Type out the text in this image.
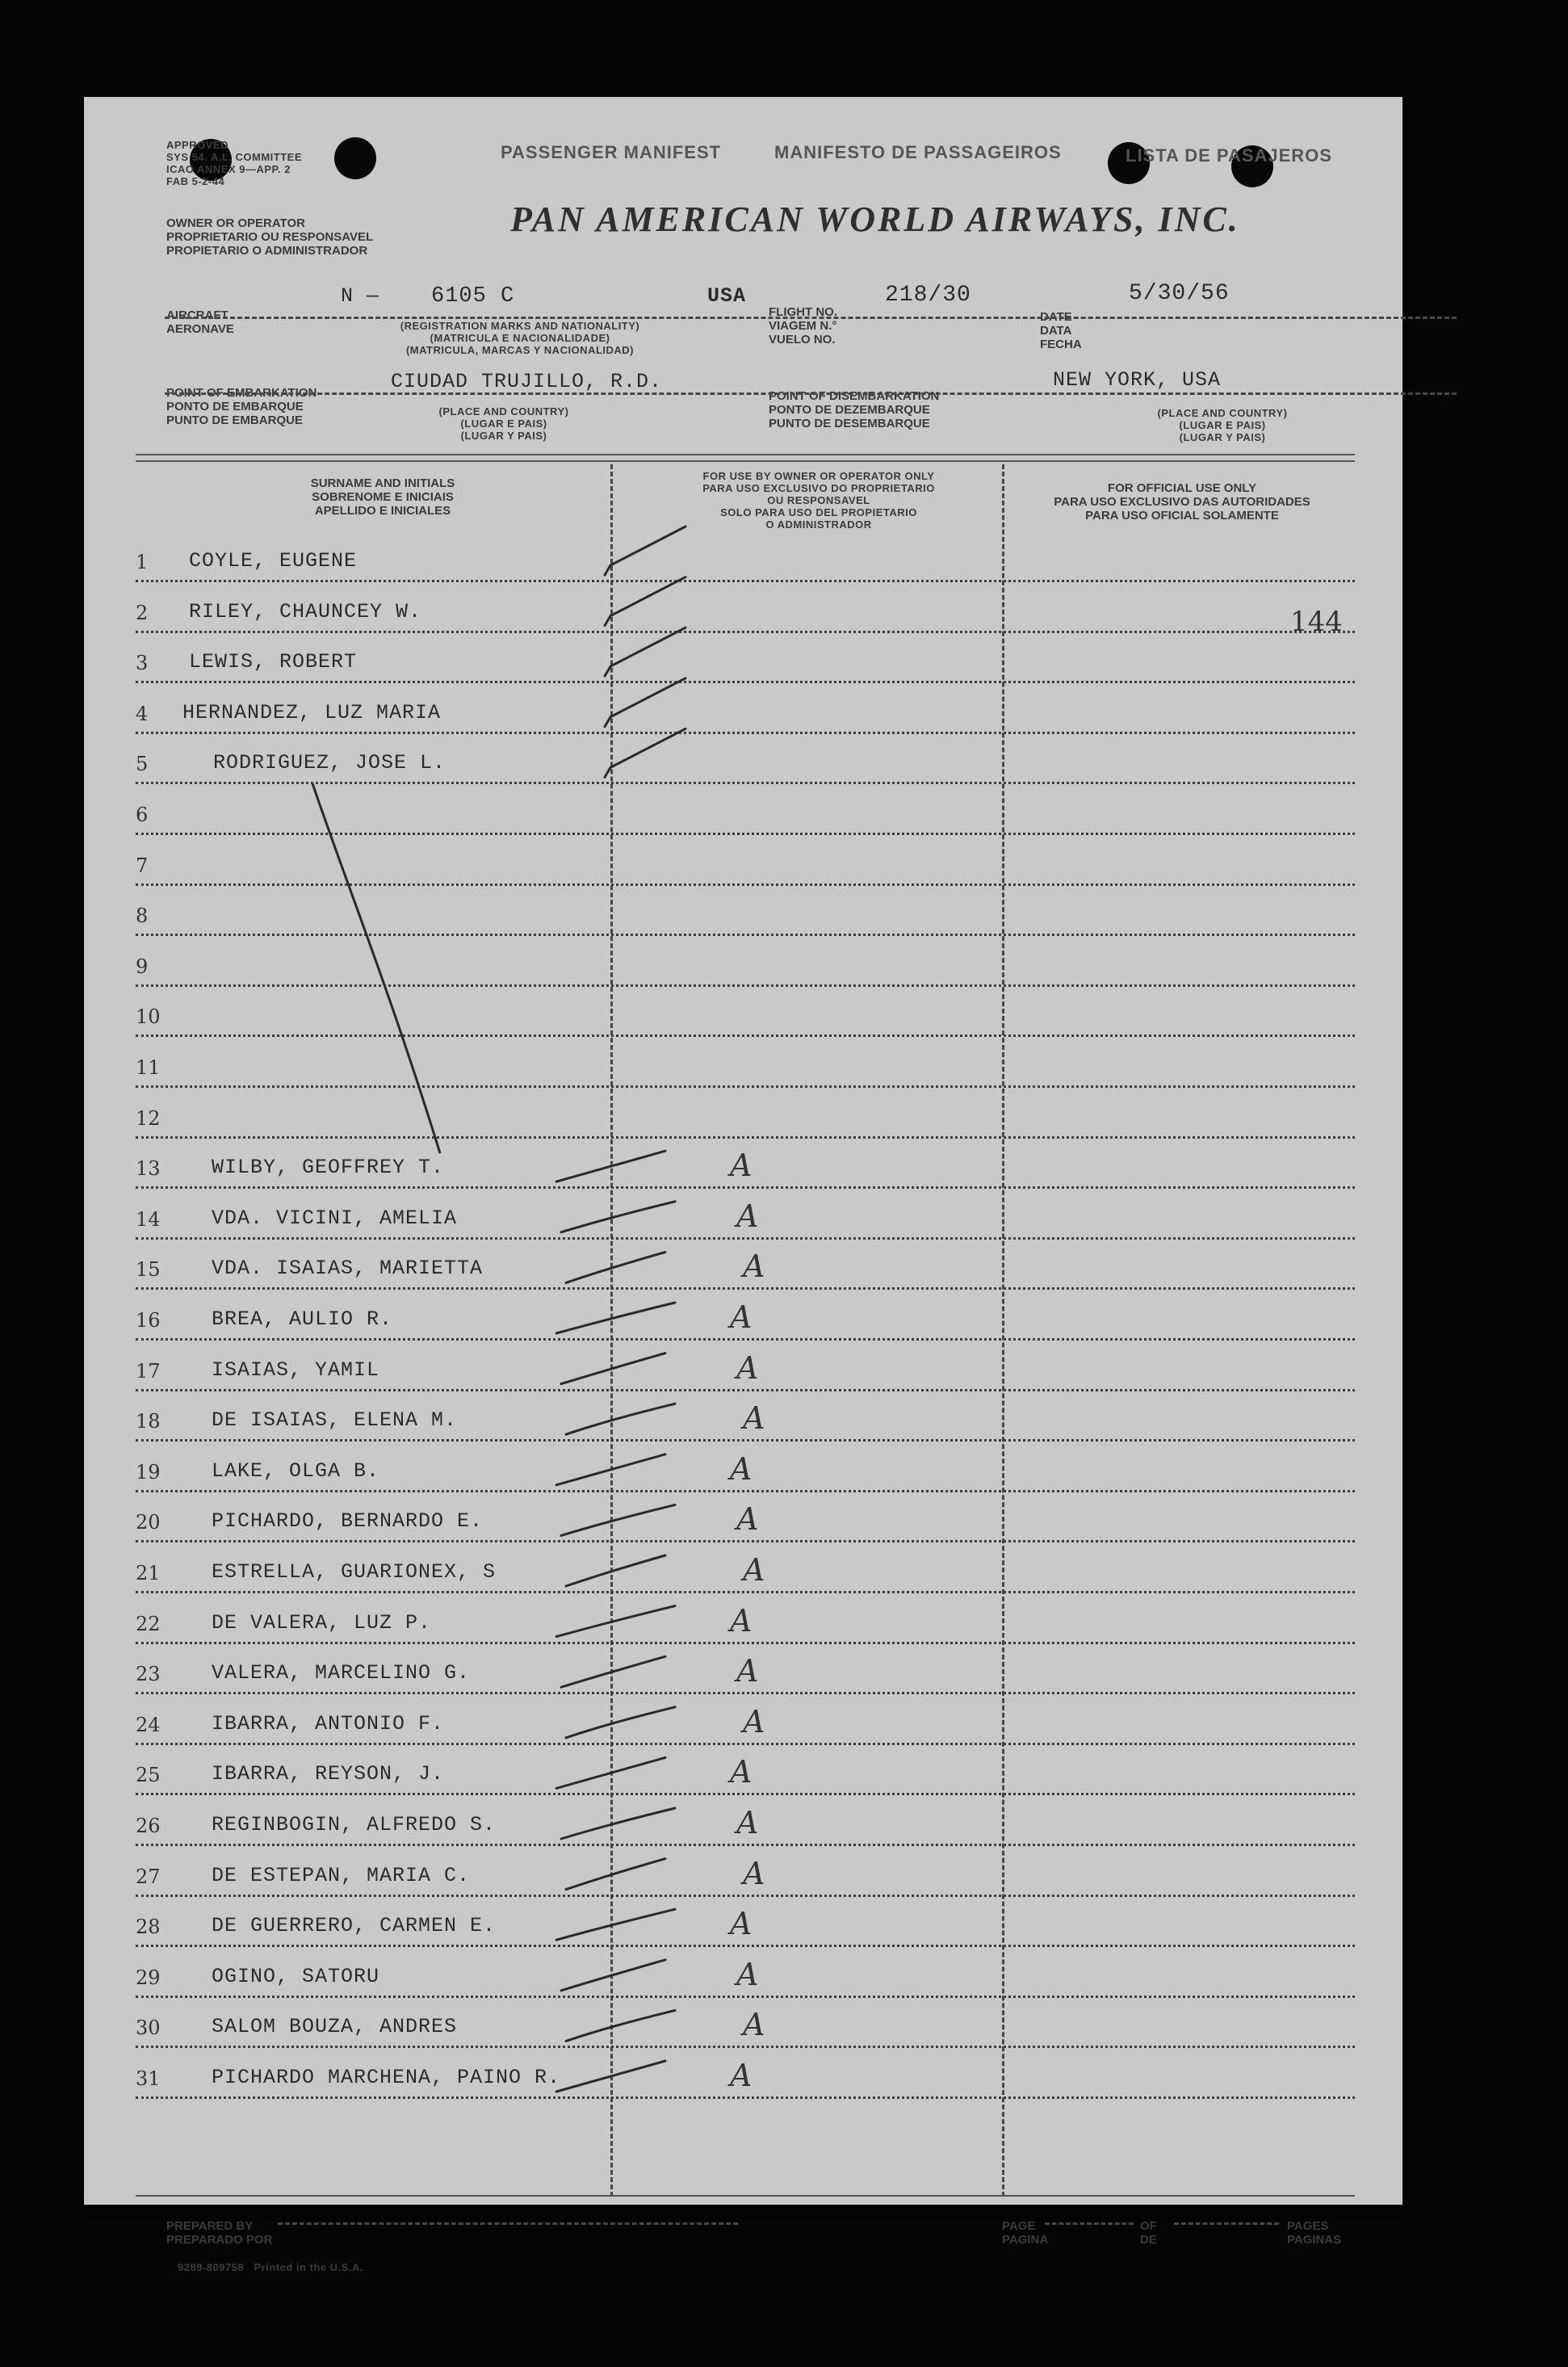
APPROVED
SYS 54. A.L. COMMITTEE
ICAO ANNEX 9—APP. 2
FAB 5-2-44
PASSENGER MANIFEST	MANIFESTO DE PASSAGEIROS	LISTA DE PASAJEROS
OWNER OR OPERATOR
PROPRIETARIO OU RESPONSAVEL
PROPIETARIO O ADMINISTRADOR
PAN AMERICAN WORLD AIRWAYS, INC.
AIRCRAFT
AERONAVE
N — 6105 C	USA
(REGISTRATION MARKS AND NATIONALITY)
(MATRICULA E NACIONALIDADE)
(MATRICULA, MARCAS Y NACIONALIDAD)
FLIGHT NO.
VIAGEM N.°
VUELO NO.
218/30
DATE
DATA
FECHA
5/30/56
POINT OF EMBARKATION
PONTO DE EMBARQUE
PUNTO DE EMBARQUE
CIUDAD TRUJILLO, R.D.
(PLACE AND COUNTRY)
(LUGAR E PAIS)
(LUGAR Y PAIS)
POINT OF DISEMBARKATION
PONTO DE DEZEMBARQUE
PUNTO DE DESEMBARQUE
NEW YORK, USA
(PLACE AND COUNTRY)
(LUGAR E PAIS)
(LUGAR Y PAIS)
SURNAME AND INITIALS
SOBRENOME E INICIAIS
APELLIDO E INICIALES
FOR USE BY OWNER OR OPERATOR ONLY
PARA USO EXCLUSIVO DO PROPRIETARIO
OU RESPONSAVEL
SOLO PARA USO DEL PROPIETARIO
O ADMINISTRADOR
FOR OFFICIAL USE ONLY
PARA USO EXCLUSIVO DAS AUTORIDADES
PARA USO OFICIAL SOLAMENTE
1	COYLE, EUGENE
2	RILEY, CHAUNCEY W.
3	LEWIS, ROBERT
4	HERNANDEZ, LUZ MARIA
5	RODRIGUEZ, JOSE L.
6
7
8
9
10
11
12
13	WILBY, GEOFFREY T.	A
14	VDA. VICINI, AMELIA	A
15	VDA. ISAIAS, MARIETTA	A
16	BREA, AULIO R.	A
17	ISAIAS, YAMIL	A
18	DE ISAIAS, ELENA M.	A
19	LAKE, OLGA B.	A
20	PICHARDO, BERNARDO E.	A
21	ESTRELLA, GUARIONEX, S	A
22	DE VALERA, LUZ P.	A
23	VALERA, MARCELINO G.	A
24	IBARRA, ANTONIO F.	A
25	IBARRA, REYSON, J.	A
26	REGINBOGIN, ALFREDO S.	A
27	DE ESTEPAN, MARIA C.	A
28	DE GUERRERO, CARMEN E.	A
29	OGINO, SATORU	A
30	SALOM BOUZA, ANDRES	A
31	PICHARDO MARCHENA, PAINO R.	A
144
PREPARED BY
PREPARADO POR
9289-809758 Printed in the U.S.A.
PAGE
PAGINA
OF
DE
PAGES
PAGINAS
